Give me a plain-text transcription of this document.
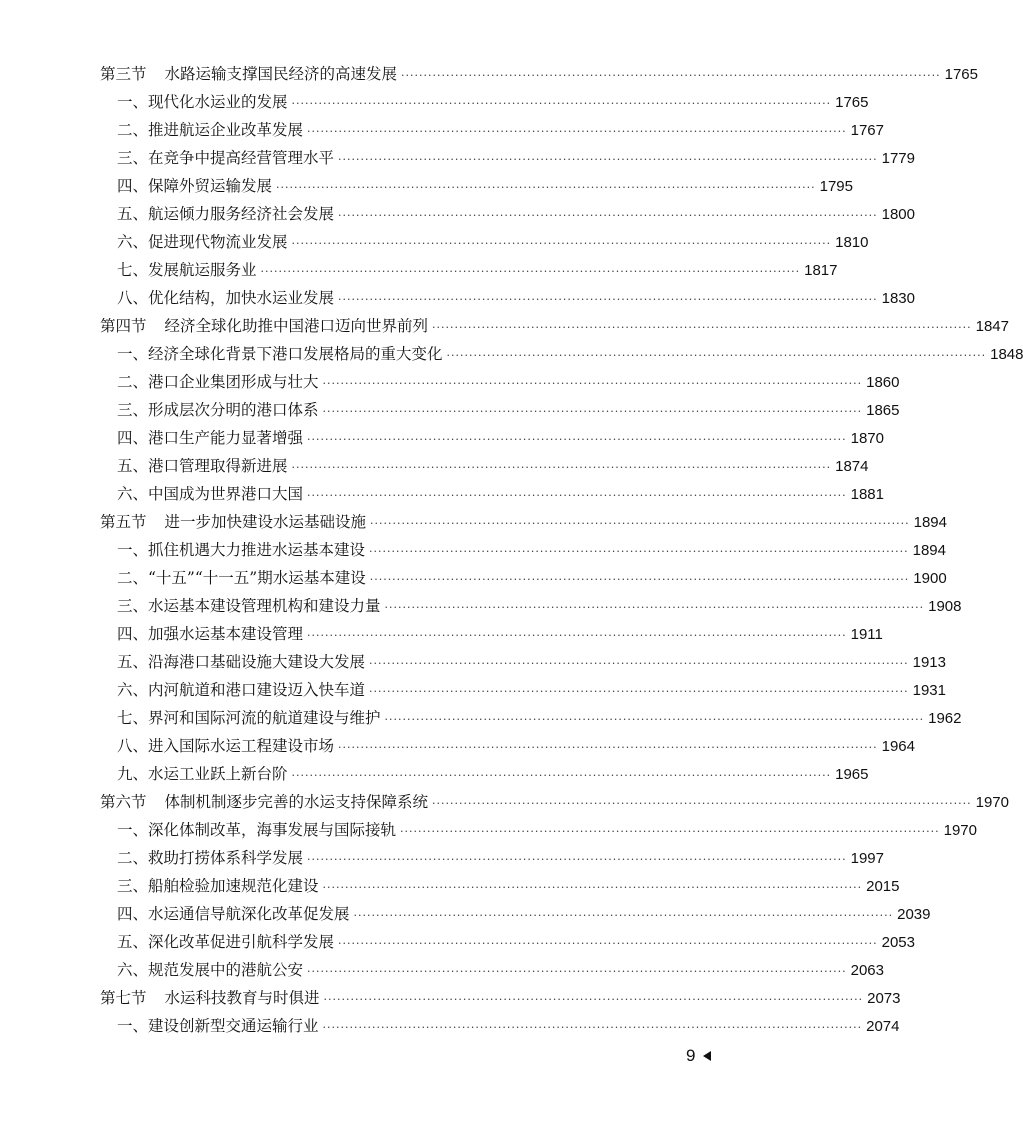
第三节 水路运输支撑国民经济的高速发展 ························································································································ 1765
一、现代化水运业的发展 ························································································································ 1765
二、推进航运企业改革发展 ························································································································ 1767
三、在竞争中提高经营管理水平 ························································································································ 1779
四、保障外贸运输发展 ························································································································ 1795
五、航运倾力服务经济社会发展 ························································································································ 1800
六、促进现代物流业发展 ························································································································ 1810
七、发展航运服务业 ························································································································ 1817
八、优化结构，加快水运业发展 ························································································································ 1830
第四节 经济全球化助推中国港口迈向世界前列 ························································································································ 1847
一、经济全球化背景下港口发展格局的重大变化 ························································································································ 1848
二、港口企业集团形成与壮大 ························································································································ 1860
三、形成层次分明的港口体系 ························································································································ 1865
四、港口生产能力显著增强 ························································································································ 1870
五、港口管理取得新进展 ························································································································ 1874
六、中国成为世界港口大国 ························································································································ 1881
第五节 进一步加快建设水运基础设施 ························································································································ 1894
一、抓住机遇大力推进水运基本建设 ························································································································ 1894
二、“十五”“十一五”期水运基本建设 ························································································································ 1900
三、水运基本建设管理机构和建设力量 ························································································································ 1908
四、加强水运基本建设管理 ························································································································ 1911
五、沿海港口基础设施大建设大发展 ························································································································ 1913
六、内河航道和港口建设迈入快车道 ························································································································ 1931
七、界河和国际河流的航道建设与维护 ························································································································ 1962
八、进入国际水运工程建设市场 ························································································································ 1964
九、水运工业跃上新台阶 ························································································································ 1965
第六节 体制机制逐步完善的水运支持保障系统 ························································································································ 1970
一、深化体制改革，海事发展与国际接轨 ························································································································ 1970
二、救助打捞体系科学发展 ························································································································ 1997
三、船舶检验加速规范化建设 ························································································································ 2015
四、水运通信导航深化改革促发展 ························································································································ 2039
五、深化改革促进引航科学发展 ························································································································ 2053
六、规范发展中的港航公安 ························································································································ 2063
第七节 水运科技教育与时俱进 ························································································································ 2073
一、建设创新型交通运输行业 ························································································································ 2074
9
